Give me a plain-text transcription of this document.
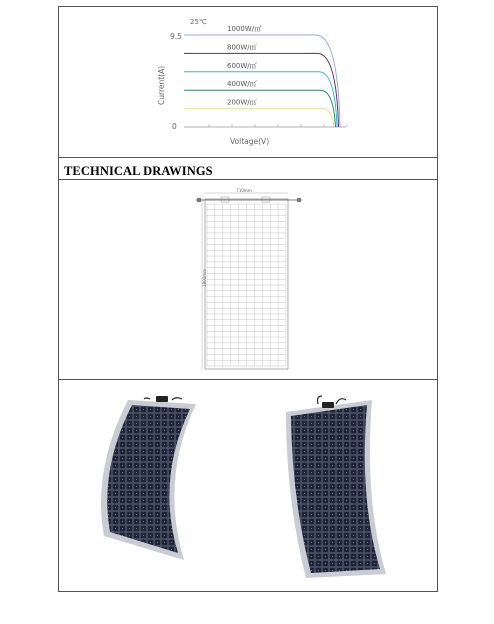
TECHNICAL DRAWINGS
1000W/㎡
800W/㎡
600W/㎡
400W/㎡
200W/㎡
25℃
9.5
0
Current(A)
Voltage(V)
710mm
1800mm
